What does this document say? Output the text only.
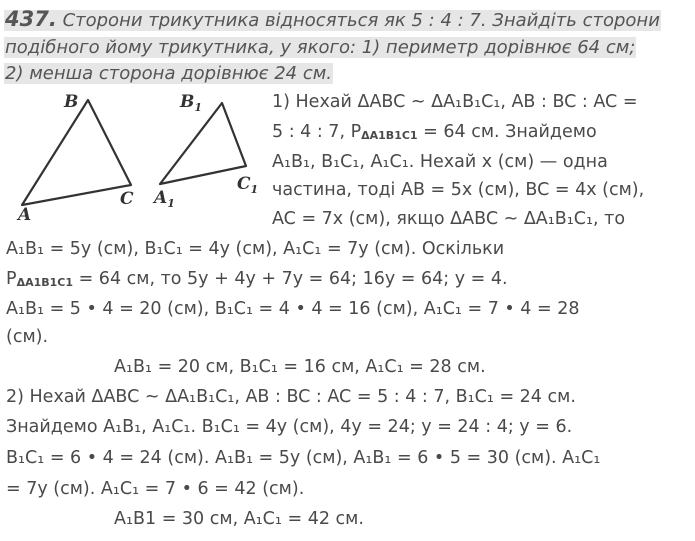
437. Сторони трикутника відносяться як 5 : 4 : 7. Знайдіть сторони
подібного йому трикутника, у якого: 1) периметр дорівнює 64 см;
2) менша сторона дорівнює 24 см.
A
B
C $A_1$
$B_1$
$C_1$
1) Нехай ΔABC ~ ΔA₁B₁C₁, AB : BC : AC =
5 : 4 : 7, PΔA1B1C1 = 64 см. Знайдемо
A₁B₁, B₁C₁, A₁C₁. Нехай x (см) — одна
частина, тоді AB = 5x (см), BC = 4x (см),
AC = 7x (см), якщо ΔABC ~ ΔA₁B₁C₁, то
A₁B₁ = 5y (см), B₁C₁ = 4y (см), A₁C₁ = 7y (см). Оскільки
PΔA1B1C1 = 64 см, то 5y + 4y + 7y = 64; 16y = 64; y = 4.
A₁B₁ = 5 • 4 = 20 (см), B₁C₁ = 4 • 4 = 16 (см), A₁C₁ = 7 • 4 = 28
(см).
A₁B₁ = 20 см, B₁C₁ = 16 см, A₁C₁ = 28 см.
2) Нехай ΔABC ~ ΔA₁B₁C₁, AB : BC : AC = 5 : 4 : 7, B₁C₁ = 24 см.
Знайдемо A₁B₁, A₁C₁. B₁C₁ = 4y (см), 4y = 24; y = 24 : 4; y = 6.
B₁C₁ = 6 • 4 = 24 (см). A₁B₁ = 5y (см), A₁B₁ = 6 • 5 = 30 (см). A₁C₁
= 7y (см). A₁C₁ = 7 • 6 = 42 (см).
A₁B1 = 30 см, A₁C₁ = 42 см.
